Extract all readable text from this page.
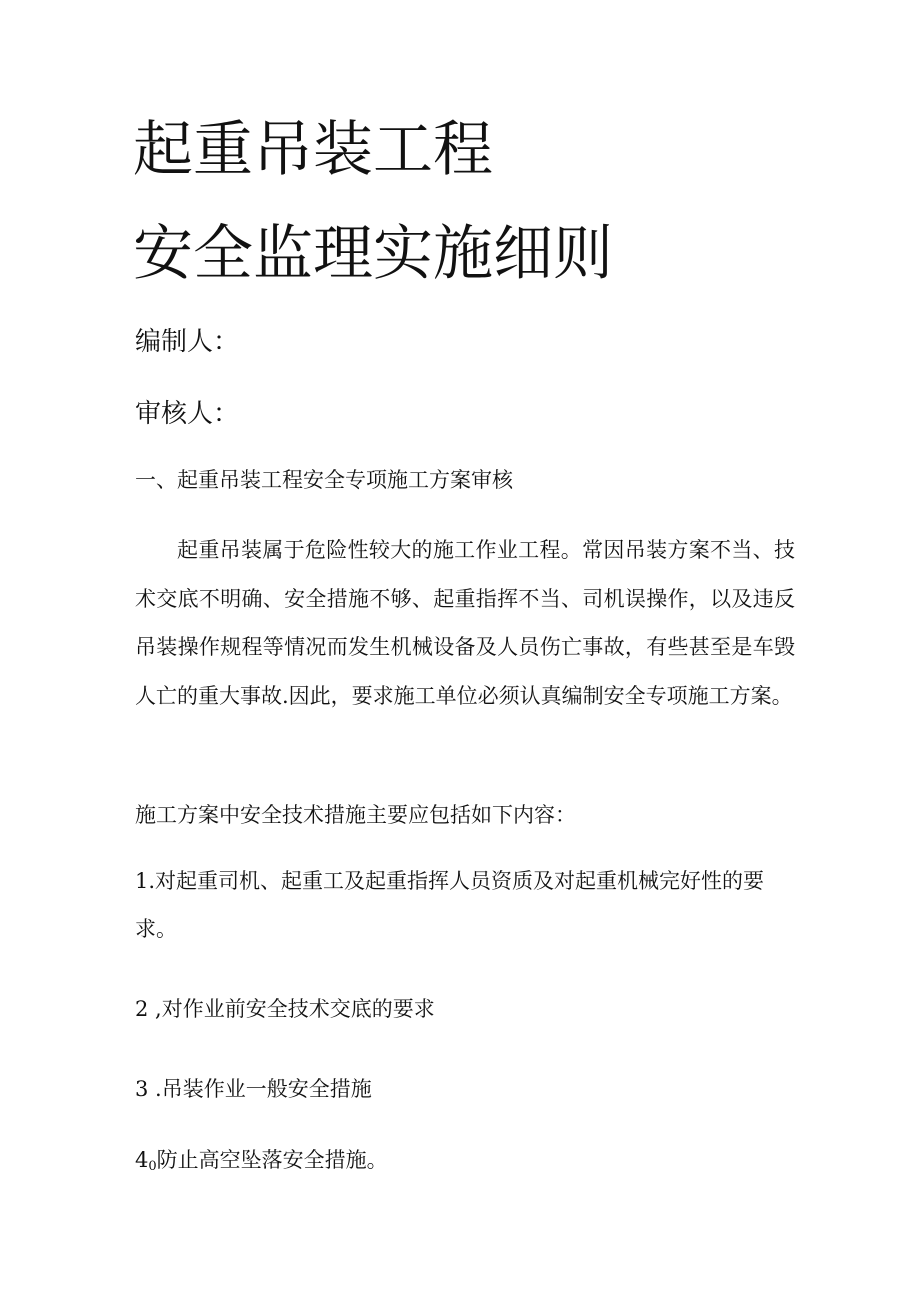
起重吊装工程
安全监理实施细则
编制人：
审核人：
一、起重吊装工程安全专项施工方案审核
起重吊装属于危险性较大的施工作业工程。常因吊装方案不当、技术交底不明确、安全措施不够、起重指挥不当、司机误操作，以及违反吊装操作规程等情况而发生机械设备及人员伤亡事故，有些甚至是车毁人亡的重大事故.因此，要求施工单位必须认真编制安全专项施工方案。
施工方案中安全技术措施主要应包括如下内容：
1.对起重司机、起重工及起重指挥人员资质及对起重机械完好性的要求。
2 ,对作业前安全技术交底的要求
3 .吊装作业一般安全措施
$4_0$防止高空坠落安全措施。
